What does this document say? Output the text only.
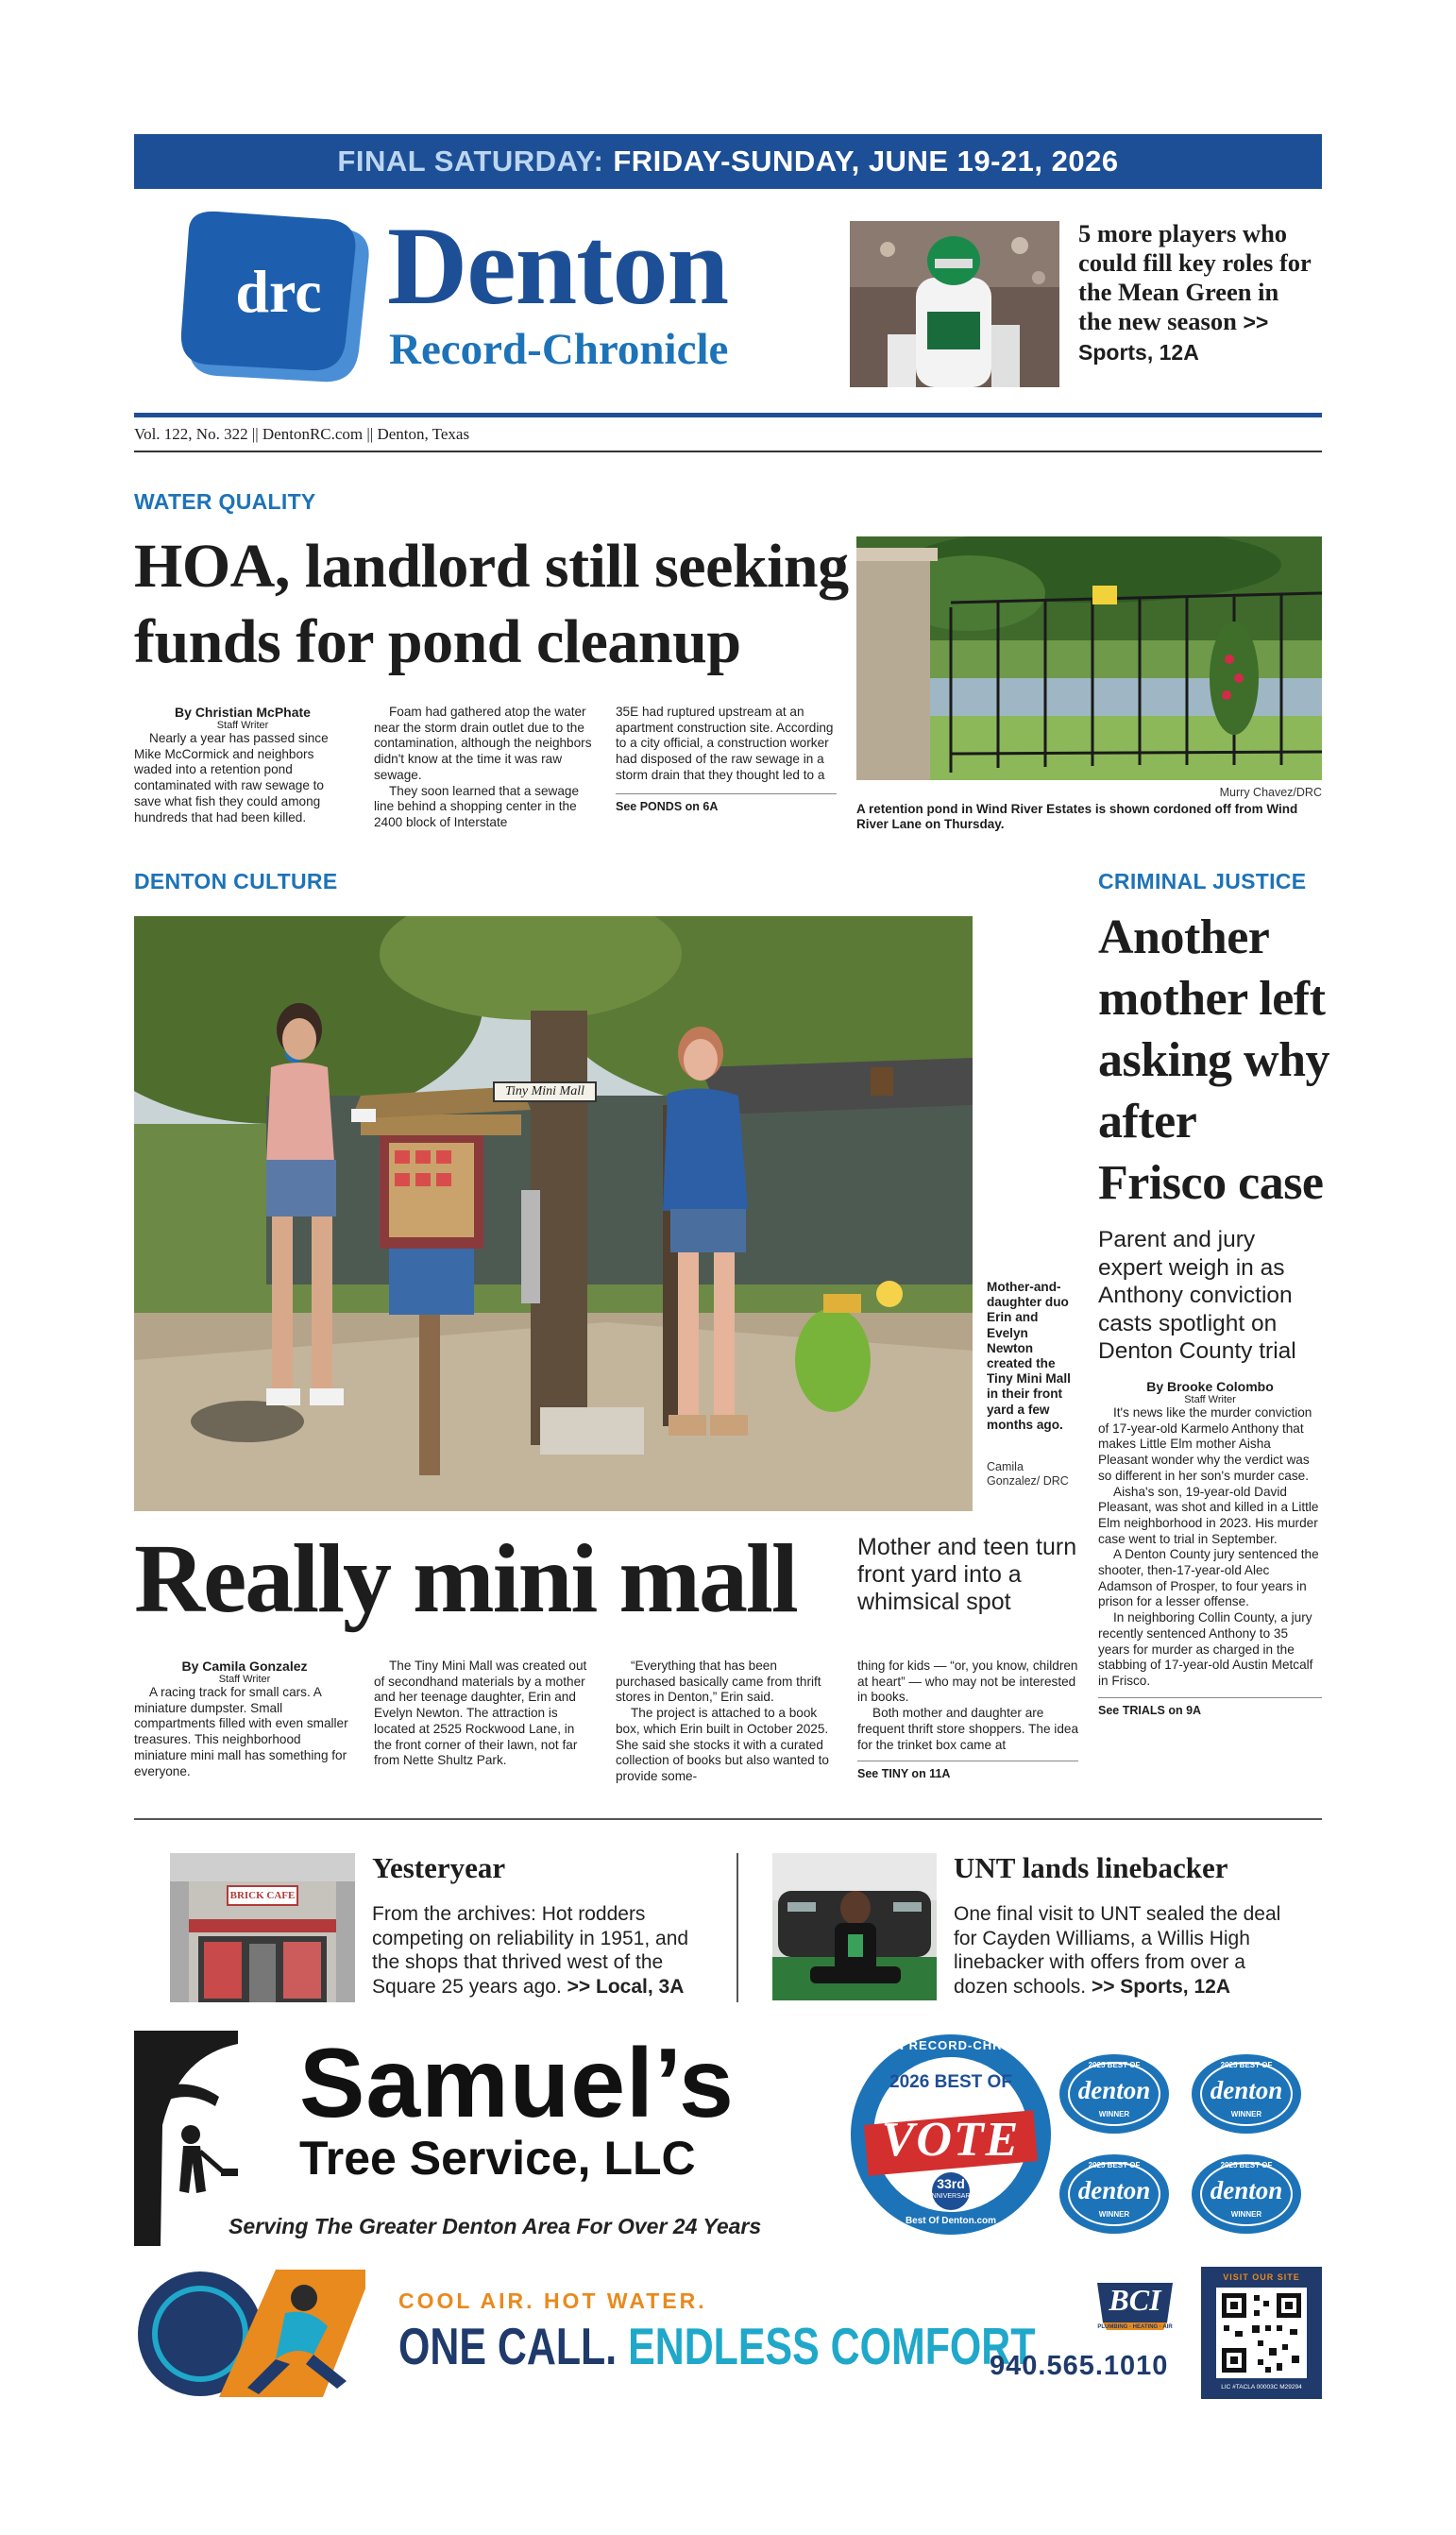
FINAL SATURDAY: FRIDAY-SUNDAY, JUNE 19-21, 2026
drc Denton
Record-Chronicle
5 more players who could fill key roles for the Mean Green in the new season >> Sports, 12A
Vol. 122, No. 322 || DentonRC.com || Denton, Texas
WATER QUALITY
HOA, landlord still seeking funds for pond cleanup
By Christian McPhate
Staff Writer

Nearly a year has passed since Mike McCormick and neighbors waded into a retention pond contaminated with raw sewage to save what fish they could among hundreds that had been killed.

Foam had gathered atop the water near the storm drain outlet due to the contamination, although the neighbors didn't know at the time it was raw sewage.

They soon learned that a sewage line behind a shopping center in the 2400 block of Interstate

35E had ruptured upstream at an apartment construction site. According to a city official, a construction worker had disposed of the raw sewage in a storm drain that they thought led to a

See PONDS on 6A
Murry Chavez/DRC
A retention pond in Wind River Estates is shown cordoned off from Wind River Lane on Thursday.
DENTON CULTURE
Tiny Mini Mall
Mother-and-daughter duo Erin and Evelyn Newton created the Tiny Mini Mall in their front yard a few months ago.
Camila Gonzalez/ DRC
Really mini mall	Mother and teen turn front yard into a whimsical spot
By Camila Gonzalez
Staff Writer

A racing track for small cars. A miniature dumpster. Small compartments filled with even smaller treasures. This neighborhood miniature mini mall has something for everyone.

The Tiny Mini Mall was created out of secondhand materials by a mother and her teenage daughter, Erin and Evelyn Newton. The attraction is located at 2525 Rockwood Lane, in the front corner of their lawn, not far from Nette Shultz Park.

“Everything that has been purchased basically came from thrift stores in Denton,” Erin said.

The project is attached to a book box, which Erin built in October 2025. She said she stocks it with a curated collection of books but also wanted to provide some-

thing for kids — “or, you know, children at heart” — who may not be interested in books.

Both mother and daughter are frequent thrift store shoppers. The idea for the trinket box came at

See TINY on 11A
CRIMINAL JUSTICE
Another mother left asking why after Frisco case
Parent and jury expert weigh in as Anthony conviction casts spotlight on Denton County trial
By Brooke Colombo
Staff Writer

It's news like the murder conviction of 17-year-old Karmelo Anthony that makes Little Elm mother Aisha Pleasant wonder why the verdict was so different in her son's murder case.

Aisha's son, 19-year-old David Pleasant, was shot and killed in a Little Elm neighborhood in 2023. His murder case went to trial in September.

A Denton County jury sentenced the shooter, then-17-year-old Alec Adamson of Prosper, to four years in prison for a lesser offense.

In neighboring Collin County, a jury recently sentenced Anthony to 35 years for murder as charged in the stabbing of 17-year-old Austin Metcalf in Frisco.

See TRIALS on 9A
BRICK CAFE
Yesteryear
From the archives: Hot rodders competing on reliability in 1951, and the shops that thrived west of the Square 25 years ago. >> Local, 3A
UNT lands linebacker
One final visit to UNT sealed the deal for Cayden Williams, a Willis High linebacker with offers from over a dozen schools. >> Sports, 12A
Samuel’s
Tree Service, LLC
Serving The Greater Denton Area For Over 24 Years
DENTON RECORD-CHRONICLE
2026 BEST OF
VOTE
33rd
ANNIVERSARY
Best Of Denton.com
2025 BEST OF
denton
WINNER
2025 BEST OF
denton
WINNER
2025 BEST OF
denton
WINNER
2025 BEST OF
denton
WINNER
COOL AIR. HOT WATER.
ONE CALL. ENDLESS COMFORT
BCI
PLUMBING · HEATING · AIR
940.565.1010
VISIT OUR SITE
LIC #TACLA 00003C M29294
